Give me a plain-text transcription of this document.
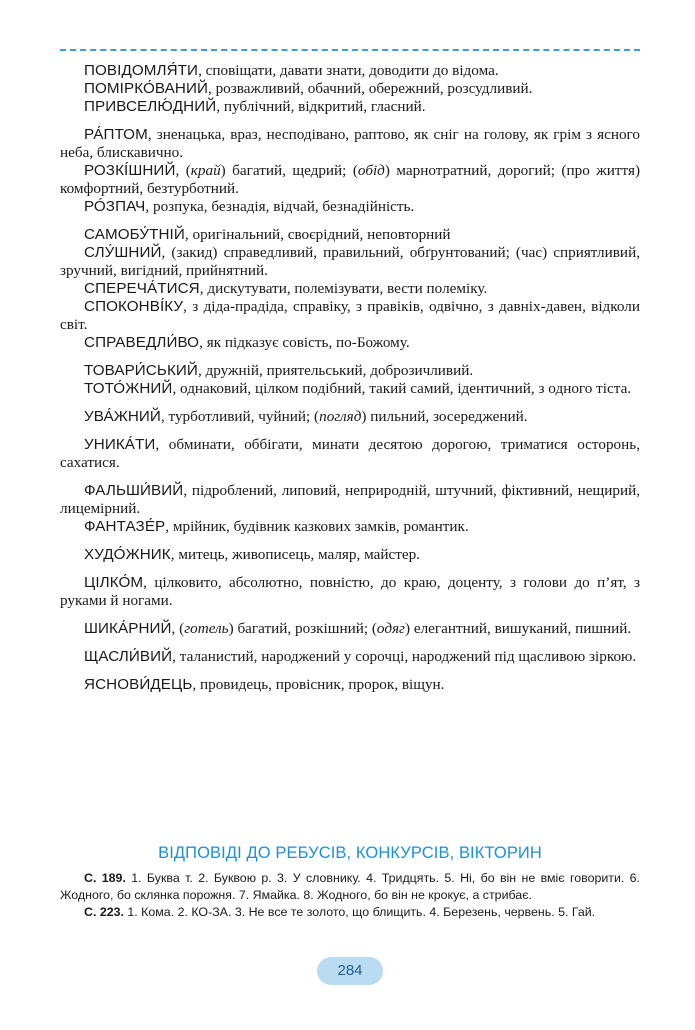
ПОВІДОМЛЯ́ТИ, сповіщати, давати знати, доводити до відома.

ПОМІРКО́ВАНИЙ, розважливий, обачний, обережний, розсудливий.

ПРИВСЕЛЮ́ДНИЙ, публічний, відкритий, гласний.

РА́ПТОМ, зненацька, враз, несподівано, раптово, як сніг на голову, як грім з ясного неба, блискавично.

РОЗКІ́ШНИЙ, (край) багатий, щедрий; (обід) марнотратний, дорогий; (про життя) комфортний, безтурботний.

РО́ЗПАЧ, розпука, безнадія, відчай, безнадійність.

САМОБУ́ТНІЙ, оригінальний, своєрідний, неповторний

СЛУ́ШНИЙ, (закид) справедливий, правильний, обґрунтований; (час) сприятливий, зручний, вигідний, прийнятний.

СПЕРЕЧА́ТИСЯ, дискутувати, полемізувати, вести полеміку.

СПОКОНВІ́КУ, з діда-прадіда, справіку, з правіків, одвічно, з давніх-давен, відколи світ.

СПРАВЕДЛИ́ВО, як підказує совість, по-Божому.

ТОВАРИ́СЬКИЙ, дружній, приятельський, доброзичливий.

ТОТО́ЖНИЙ, однаковий, цілком подібний, такий самий, ідентичний, з одного тіста.

УВА́ЖНИЙ, турботливий, чуйний; (погляд) пильний, зосереджений.

УНИКА́ТИ, обминати, оббігати, минати десятою дорогою, триматися осторонь, сахатися.

ФАЛЬШИ́ВИЙ, підроблений, липовий, неприродній, штучний, фіктивний, нещирий, лицемірний.

ФАНТАЗЕ́Р, мрійник, будівник казкових замків, романтик.

ХУДО́ЖНИК, митець, живописець, маляр, майстер.

ЦІЛКО́М, цілковито, абсолютно, повністю, до краю, доценту, з голови до п’ят, з руками й ногами.

ШИКА́РНИЙ, (готель) багатий, розкішний; (одяг) елегантний, вишуканий, пишний.

ЩАСЛИ́ВИЙ, таланистий, народжений у сорочці, народжений під щасливою зіркою.

ЯСНОВИ́ДЕЦЬ, провидець, провісник, пророк, віщун.

ВІДПОВІДІ ДО РЕБУСІВ, КОНКУРСІВ, ВІКТОРИН

С. 189. 1. Буква т. 2. Буквою р. 3. У словнику. 4. Тридцять. 5. Ні, бо він не вміє говорити. 6. Жодного, бо склянка порожня. 7. Ямайка. 8. Жодного, бо він не крокує, а стрибає.

С. 223. 1. Кома. 2. КО-ЗА. 3. Не все те золото, що блищить. 4. Березень, червень. 5. Гай.

284
